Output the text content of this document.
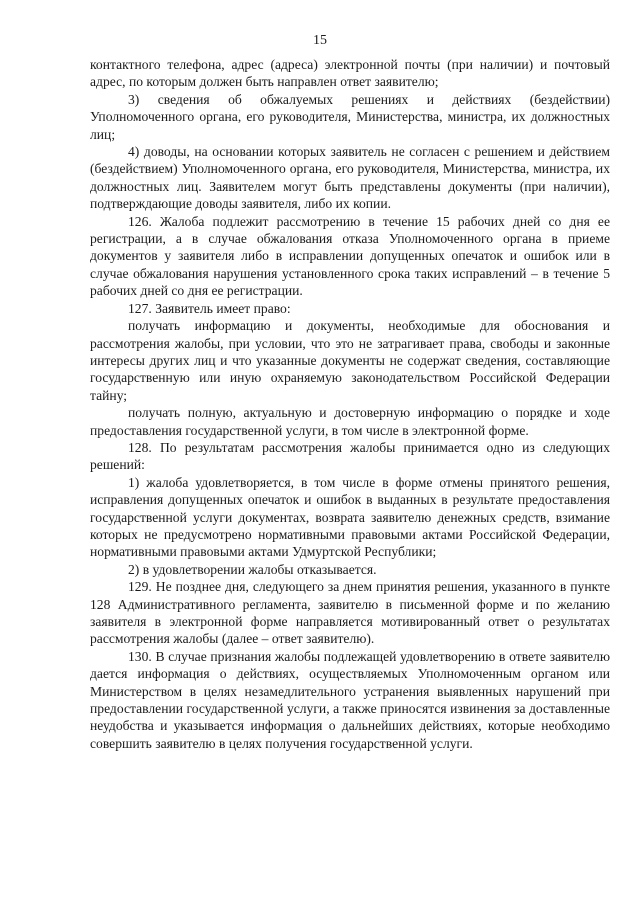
15

контактного телефона, адрес (адреса) электронной почты (при наличии) и почтовый адрес, по которым должен быть направлен ответ заявителю;

3) сведения об обжалуемых решениях и действиях (бездействии) Уполномоченного органа, его руководителя, Министерства, министра, их должностных лиц;

4) доводы, на основании которых заявитель не согласен с решением и действием (бездействием) Уполномоченного органа, его руководителя, Министерства, министра, их должностных лиц. Заявителем могут быть представлены документы (при наличии), подтверждающие доводы заявителя, либо их копии.

126. Жалоба подлежит рассмотрению в течение 15 рабочих дней со дня ее регистрации, а в случае обжалования отказа Уполномоченного органа в приеме документов у заявителя либо в исправлении допущенных опечаток и ошибок или в случае обжалования нарушения установленного срока таких исправлений – в течение 5 рабочих дней со дня ее регистрации.

127. Заявитель имеет право:

получать информацию и документы, необходимые для обоснования и рассмотрения жалобы, при условии, что это не затрагивает права, свободы и законные интересы других лиц и что указанные документы не содержат сведения, составляющие государственную или иную охраняемую законодательством Российской Федерации тайну;

получать полную, актуальную и достоверную информацию о порядке и ходе предоставления государственной услуги, в том числе в электронной форме.

128. По результатам рассмотрения жалобы принимается одно из следующих решений:

1) жалоба удовлетворяется, в том числе в форме отмены принятого решения, исправления допущенных опечаток и ошибок в выданных в результате предоставления государственной услуги документах, возврата заявителю денежных средств, взимание которых не предусмотрено нормативными правовыми актами Российской Федерации, нормативными правовыми актами Удмуртской Республики;

2) в удовлетворении жалобы отказывается.

129. Не позднее дня, следующего за днем принятия решения, указанного в пункте 128 Административного регламента, заявителю в письменной форме и по желанию заявителя в электронной форме направляется мотивированный ответ о результатах рассмотрения жалобы (далее – ответ заявителю).

130. В случае признания жалобы подлежащей удовлетворению в ответе заявителю дается информация о действиях, осуществляемых Уполномоченным органом или Министерством в целях незамедлительного устранения выявленных нарушений при предоставлении государственной услуги, а также приносятся извинения за доставленные неудобства и указывается информация о дальнейших действиях, которые необходимо совершить заявителю в целях получения государственной услуги.
